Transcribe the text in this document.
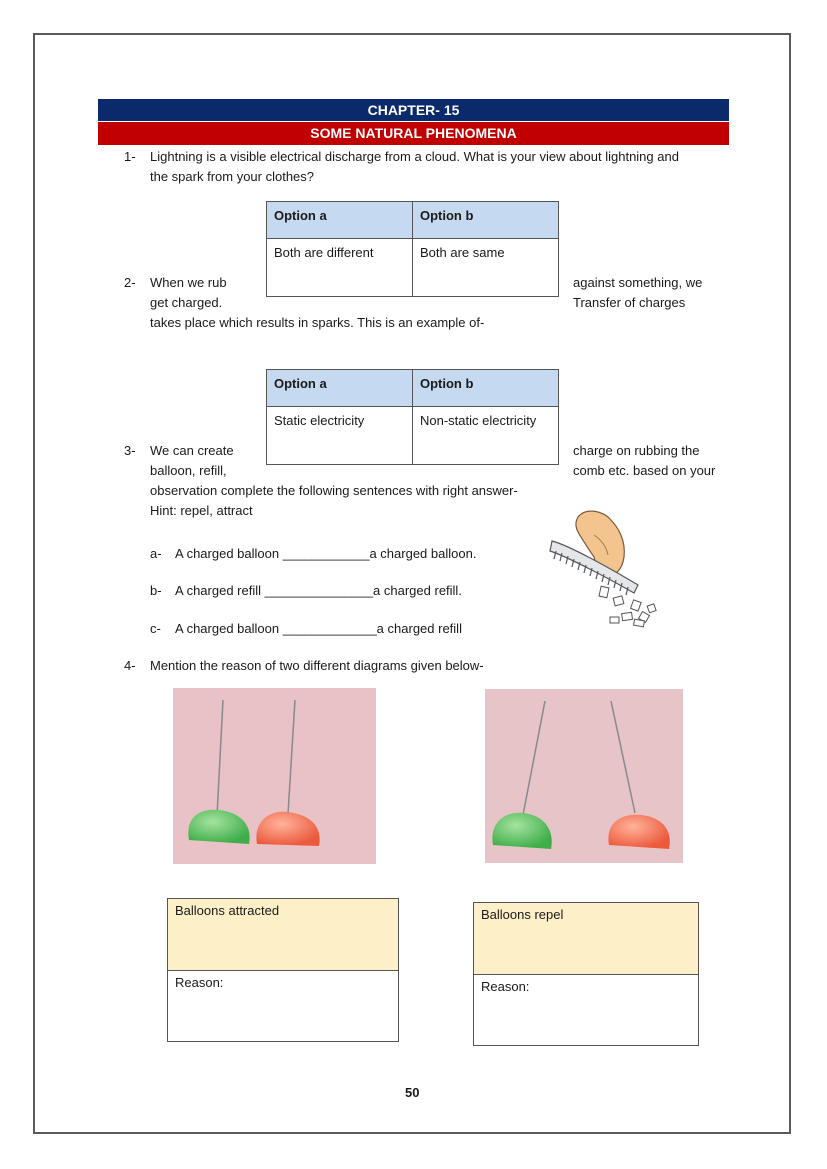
CHAPTER- 15
SOME NATURAL PHENOMENA
1- Lightning is a visible electrical discharge from a cloud. What is your view about lightning and
the spark from your clothes?
Option a	Option b
Both are different	Both are same
2- When we rub	against something, we
get charged.	Transfer of charges
takes place which results in sparks. This is an example of-
Option a	Option b
Static electricity	Non-static electricity
3- We can create	charge on rubbing the
balloon, refill,	comb etc. based on your
observation complete the following sentences with right answer-
Hint: repel, attract
a- A charged balloon ____________a charged balloon.
b- A charged refill _______________a charged refill.
c- A charged balloon _____________a charged refill
4- Mention the reason of two different diagrams given below-
Balloons attracted
Reason:
Balloons repel
Reason:
50
